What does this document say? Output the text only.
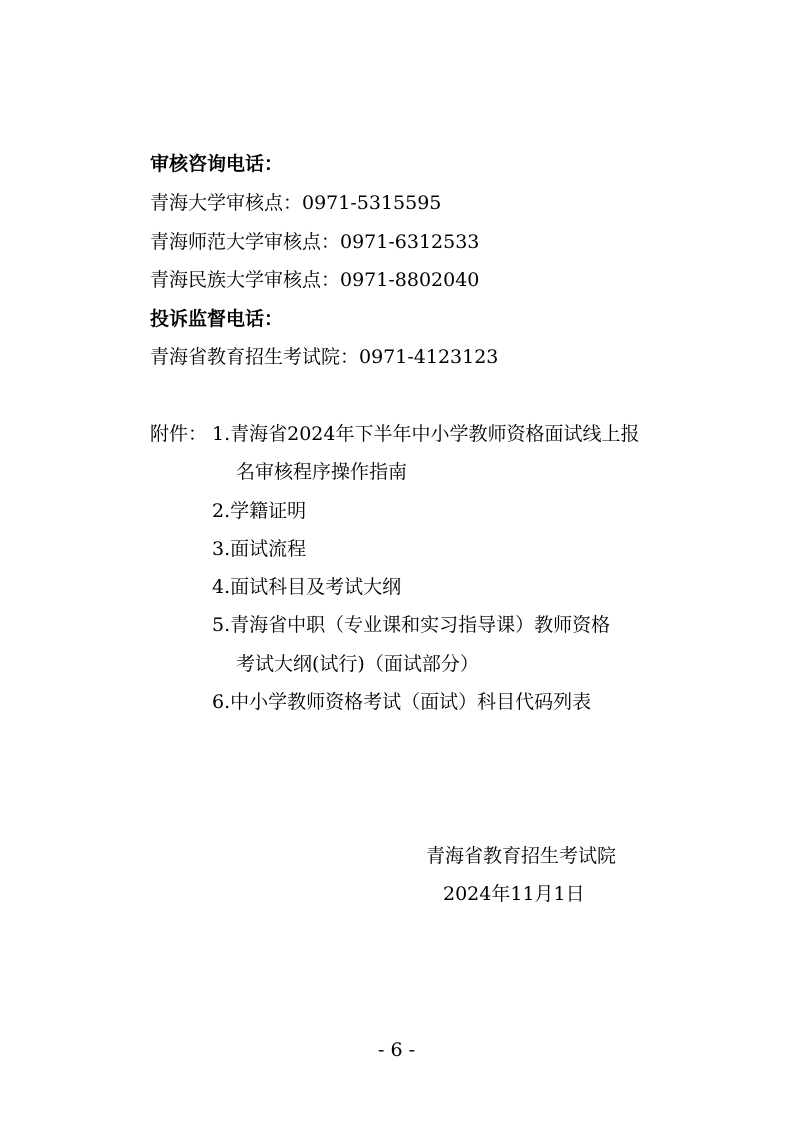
审核咨询电话：
青海大学审核点：0971-5315595
青海师范大学审核点：0971-6312533
青海民族大学审核点：0971-8802040
投诉监督电话：
青海省教育招生考试院：0971-4123123
附件： 1.青海省2024年下半年中小学教师资格面试线上报
名审核程序操作指南
2.学籍证明
3.面试流程
4.面试科目及考试大纲
5.青海省中职（专业课和实习指导课）教师资格
考试大纲(试行)（面试部分）
6.中小学教师资格考试（面试）科目代码列表
青海省教育招生考试院
2024年11月1日
- 6 -
